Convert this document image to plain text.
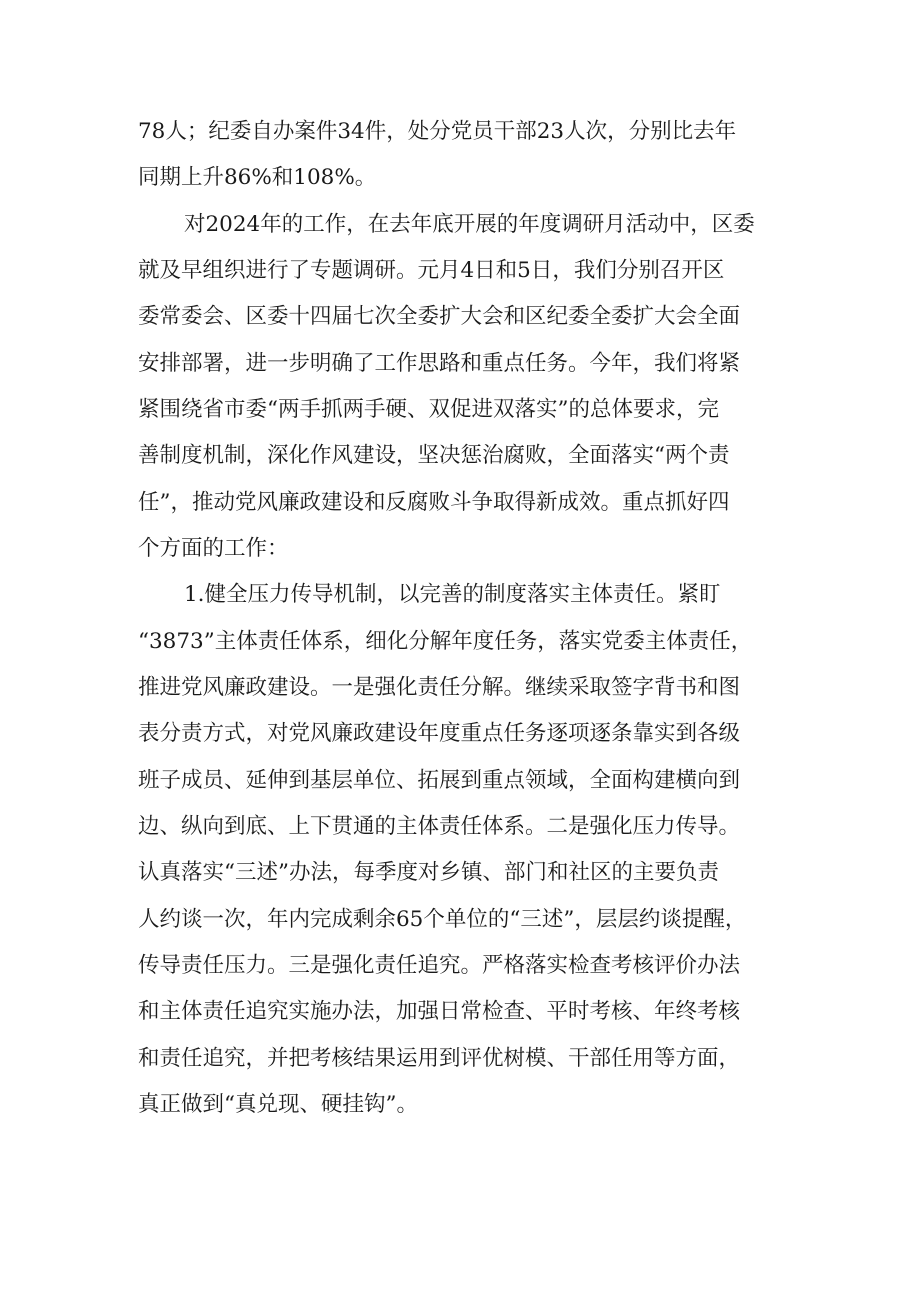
78人；纪委自办案件34件，处分党员干部23人次，分别比去年

同期上升86%和108%。

对2024年的工作，在去年底开展的年度调研月活动中，区委

就及早组织进行了专题调研。元月4日和5日，我们分别召开区

委常委会、区委十四届七次全委扩大会和区纪委全委扩大会全面

安排部署，进一步明确了工作思路和重点任务。今年，我们将紧

紧围绕省市委“两手抓两手硬、双促进双落实”的总体要求，完

善制度机制，深化作风建设，坚决惩治腐败，全面落实“两个责

任”，推动党风廉政建设和反腐败斗争取得新成效。重点抓好四

个方面的工作：

1.健全压力传导机制，以完善的制度落实主体责任。紧盯

“3873”主体责任体系，细化分解年度任务，落实党委主体责任，

推进党风廉政建设。一是强化责任分解。继续采取签字背书和图

表分责方式，对党风廉政建设年度重点任务逐项逐条靠实到各级

班子成员、延伸到基层单位、拓展到重点领域，全面构建横向到

边、纵向到底、上下贯通的主体责任体系。二是强化压力传导。

认真落实“三述”办法，每季度对乡镇、部门和社区的主要负责

人约谈一次，年内完成剩余65个单位的“三述”，层层约谈提醒，

传导责任压力。三是强化责任追究。严格落实检查考核评价办法

和主体责任追究实施办法，加强日常检查、平时考核、年终考核

和责任追究，并把考核结果运用到评优树模、干部任用等方面，

真正做到“真兑现、硬挂钩”。
